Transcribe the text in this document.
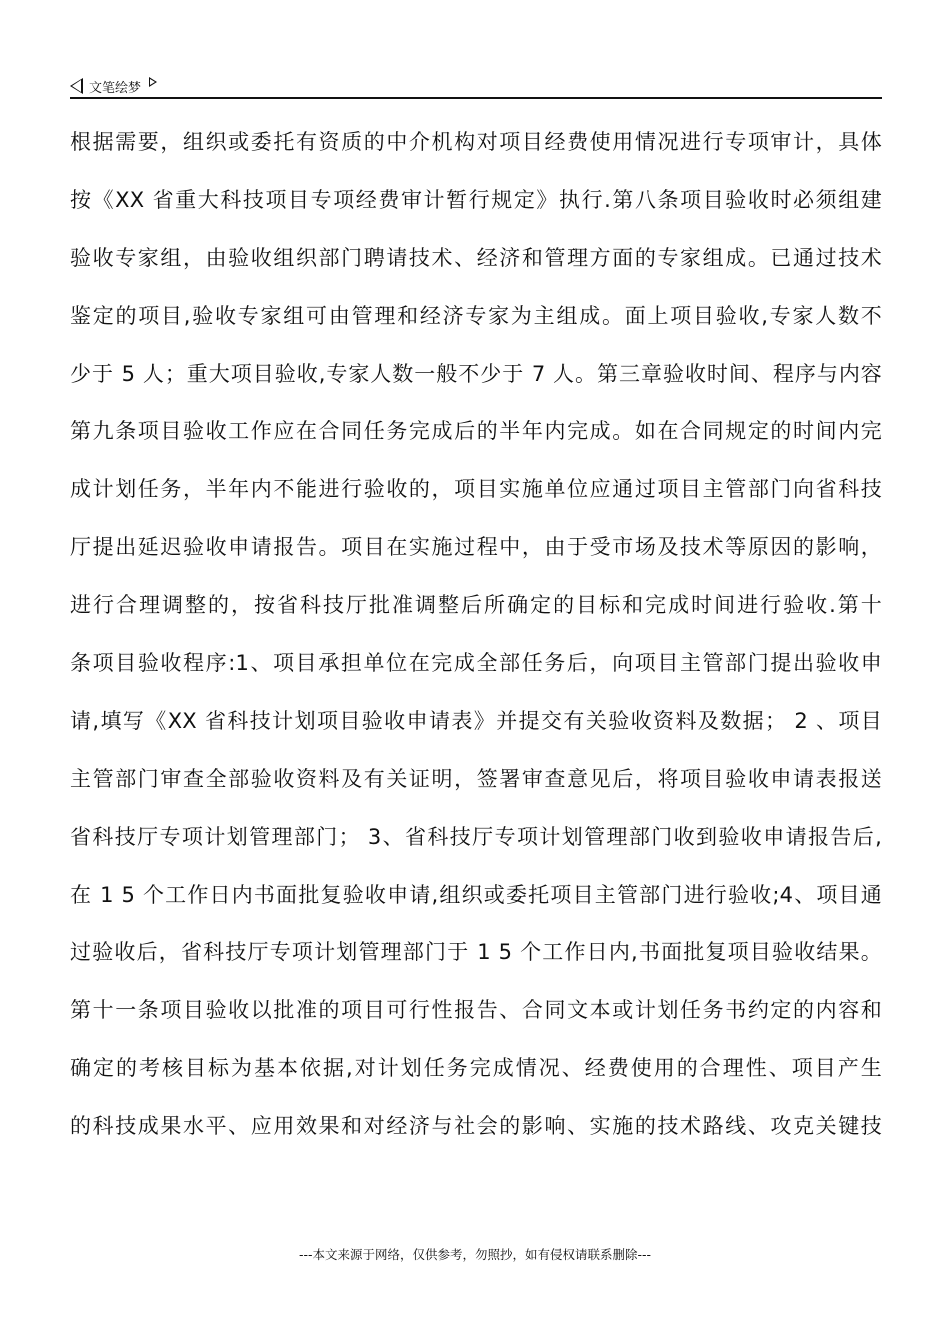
文笔绘梦
根据需要，组织或委托有资质的中介机构对项目经费使用情况进行专项审计，具体
按《XX 省重大科技项目专项经费审计暂行规定》执行.第八条项目验收时必须组建
验收专家组，由验收组织部门聘请技术、经济和管理方面的专家组成。已通过技术
鉴定的项目,验收专家组可由管理和经济专家为主组成。面上项目验收,专家人数不
少于 5 人；重大项目验收,专家人数一般不少于 7 人。第三章验收时间、程序与内容
第九条项目验收工作应在合同任务完成后的半年内完成。如在合同规定的时间内完
成计划任务，半年内不能进行验收的，项目实施单位应通过项目主管部门向省科技
厅提出延迟验收申请报告。项目在实施过程中，由于受市场及技术等原因的影响，
进行合理调整的，按省科技厅批准调整后所确定的目标和完成时间进行验收.第十
条项目验收程序:1、项目承担单位在完成全部任务后，向项目主管部门提出验收申
请,填写《XX 省科技计划项目验收申请表》并提交有关验收资料及数据； 2 、项目
主管部门审查全部验收资料及有关证明，签署审查意见后，将项目验收申请表报送
省科技厅专项计划管理部门； 3、省科技厅专项计划管理部门收到验收申请报告后,
在 1 5 个工作日内书面批复验收申请,组织或委托项目主管部门进行验收;4、项目通
过验收后，省科技厅专项计划管理部门于 1 5 个工作日内,书面批复项目验收结果。
第十一条项目验收以批准的项目可行性报告、合同文本或计划任务书约定的内容和
确定的考核目标为基本依据,对计划任务完成情况、经费使用的合理性、项目产生
的科技成果水平、应用效果和对经济与社会的影响、实施的技术路线、攻克关键技
---本文来源于网络，仅供参考，勿照抄，如有侵权请联系删除---
